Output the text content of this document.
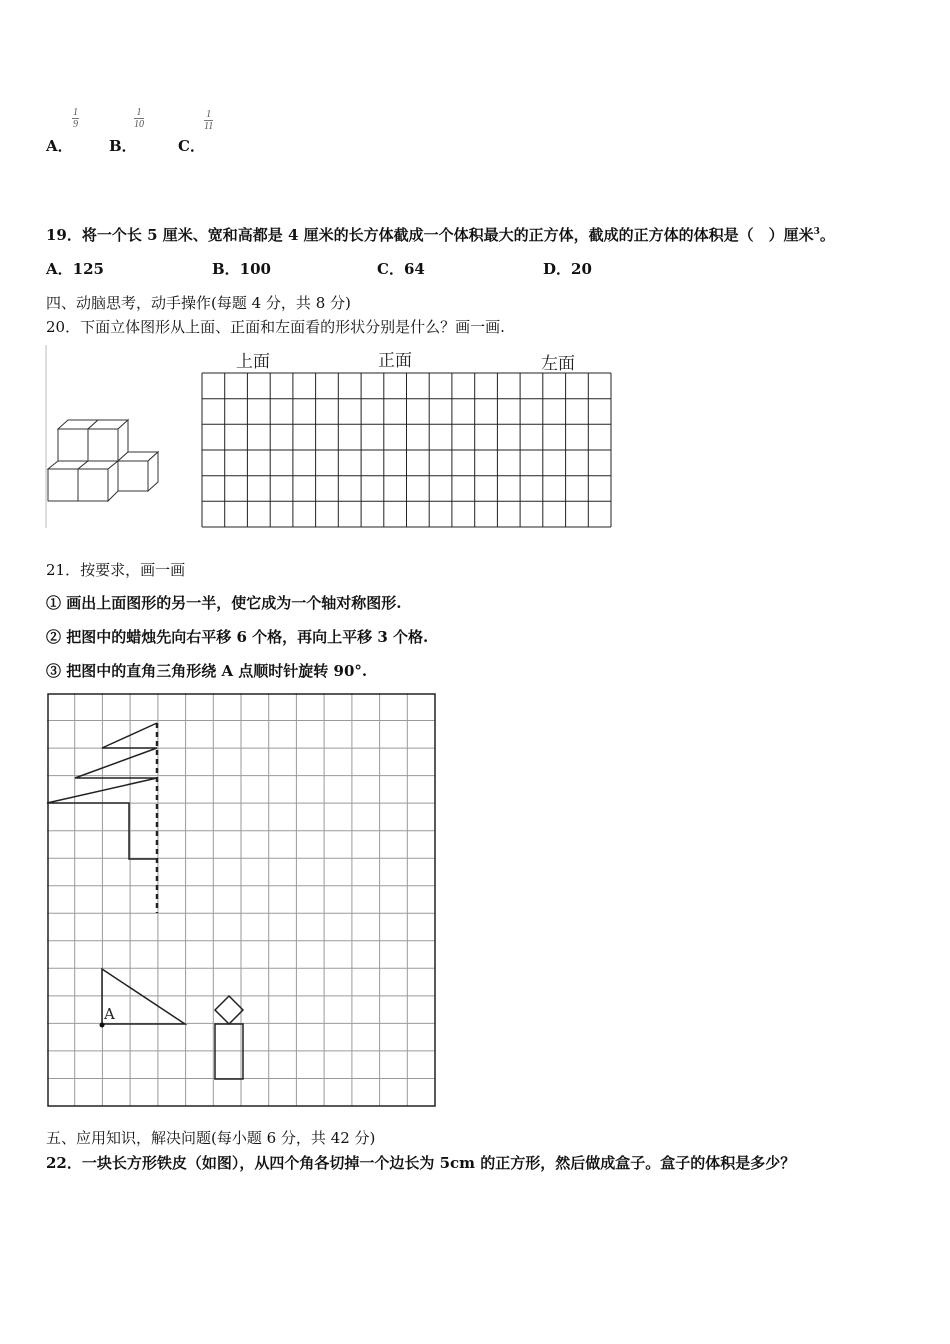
A．
$\frac{1}{9}$
B．
$\frac{1}{10}$
C．
$\frac{1}{11}$
19．将一个长 5 厘米、宽和高都是 4 厘米的长方体截成一个体积最大的正方体，截成的正方体的体积是（　）厘米$^3$。
A．125	B．100	C．64	D．20
四、动脑思考，动手操作(每题 4 分，共 8 分)
20．下面立体图形从上面、正面和左面看的形状分别是什么？画一画.
上面	正面	左面
21．按要求，画一画
① 画出上面图形的另一半，使它成为一个轴对称图形.
② 把图中的蜡烛先向右平移 6 个格，再向上平移 3 个格.
③ 把图中的直角三角形绕 A 点顺时针旋转 90°.
A
五、应用知识，解决问题(每小题 6 分，共 42 分)
22．一块长方形铁皮（如图），从四个角各切掉一个边长为 5cm 的正方形，然后做成盒子。盒子的体积是多少？
